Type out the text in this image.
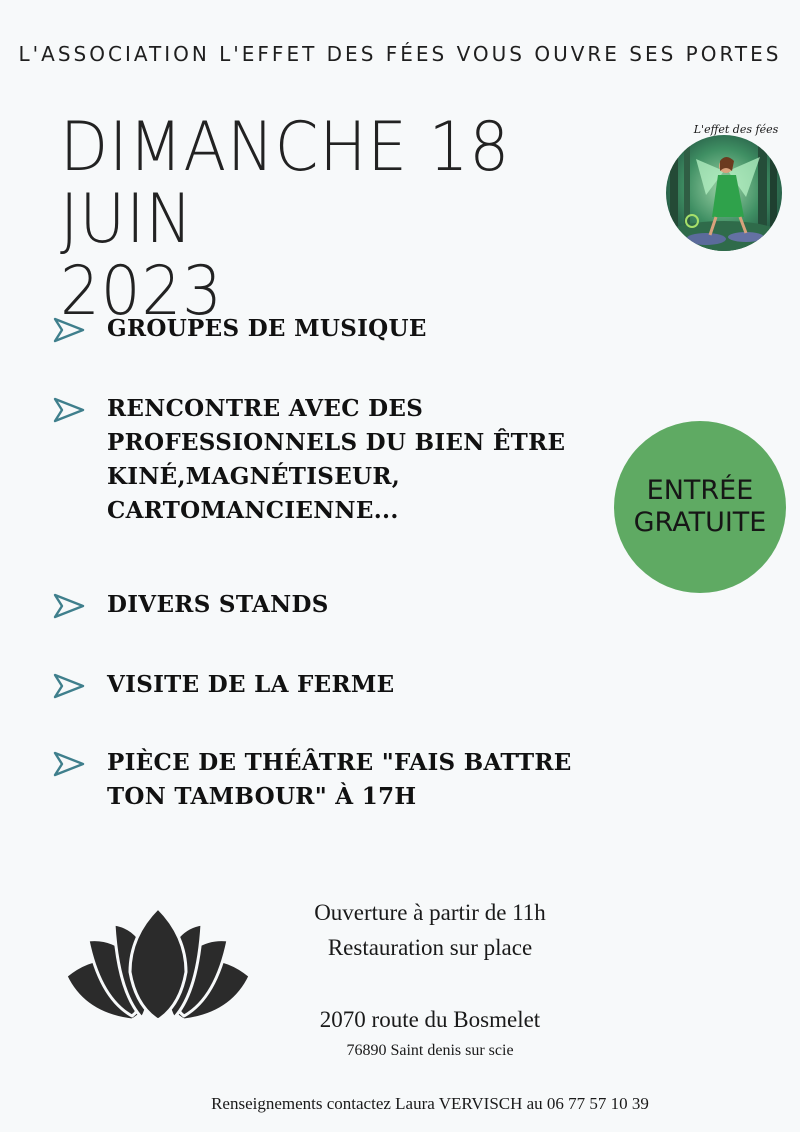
L'ASSOCIATION L'EFFET DES FÉES VOUS OUVRE SES PORTES
DIMANCHE 18 JUIN
2023
L'effet des fées
GROUPES DE MUSIQUE
RENCONTRE AVEC DES
PROFESSIONNELS DU BIEN ÊTRE
KINÉ,MAGNÉTISEUR,
CARTOMANCIENNE...
DIVERS STANDS
VISITE DE LA FERME
PIÈCE DE THÉÂTRE "FAIS BATTRE
TON TAMBOUR" À 17H
ENTRÉE
GRATUITE
Ouverture à partir de 11h
Restauration sur place
2070 route du Bosmelet
76890 Saint denis sur scie
Renseignements contactez Laura VERVISCH au 06 77 57 10 39
